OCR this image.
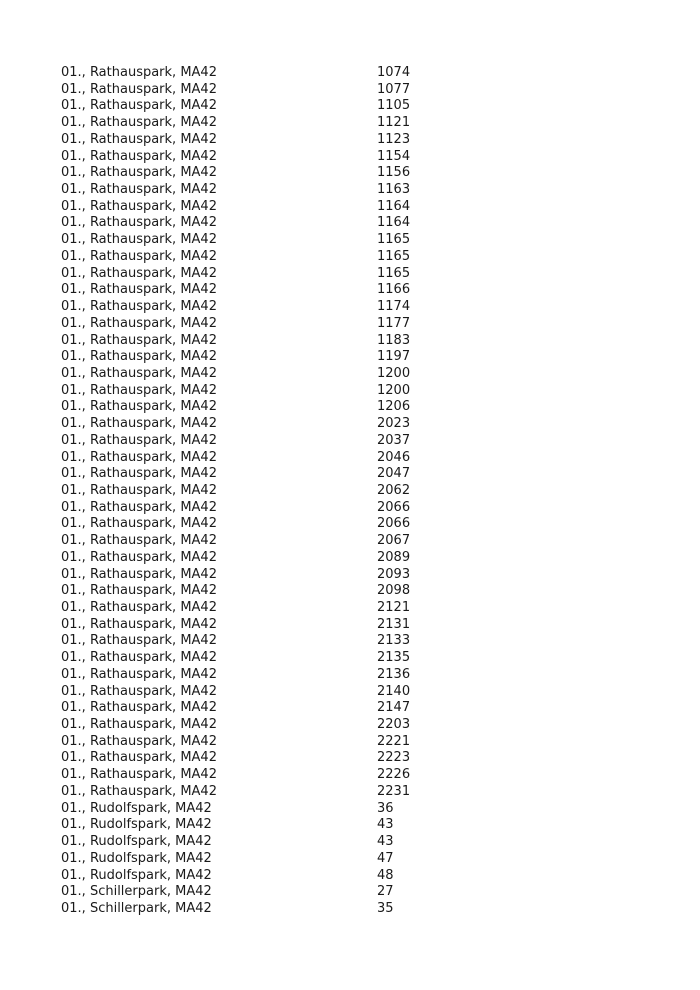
01., Rathauspark, MA42	1074
01., Rathauspark, MA42	1077
01., Rathauspark, MA42	1105
01., Rathauspark, MA42	1121
01., Rathauspark, MA42	1123
01., Rathauspark, MA42	1154
01., Rathauspark, MA42	1156
01., Rathauspark, MA42	1163
01., Rathauspark, MA42	1164
01., Rathauspark, MA42	1164
01., Rathauspark, MA42	1165
01., Rathauspark, MA42	1165
01., Rathauspark, MA42	1165
01., Rathauspark, MA42	1166
01., Rathauspark, MA42	1174
01., Rathauspark, MA42	1177
01., Rathauspark, MA42	1183
01., Rathauspark, MA42	1197
01., Rathauspark, MA42	1200
01., Rathauspark, MA42	1200
01., Rathauspark, MA42	1206
01., Rathauspark, MA42	2023
01., Rathauspark, MA42	2037
01., Rathauspark, MA42	2046
01., Rathauspark, MA42	2047
01., Rathauspark, MA42	2062
01., Rathauspark, MA42	2066
01., Rathauspark, MA42	2066
01., Rathauspark, MA42	2067
01., Rathauspark, MA42	2089
01., Rathauspark, MA42	2093
01., Rathauspark, MA42	2098
01., Rathauspark, MA42	2121
01., Rathauspark, MA42	2131
01., Rathauspark, MA42	2133
01., Rathauspark, MA42	2135
01., Rathauspark, MA42	2136
01., Rathauspark, MA42	2140
01., Rathauspark, MA42	2147
01., Rathauspark, MA42	2203
01., Rathauspark, MA42	2221
01., Rathauspark, MA42	2223
01., Rathauspark, MA42	2226
01., Rathauspark, MA42	2231
01., Rudolfspark, MA42	36
01., Rudolfspark, MA42	43
01., Rudolfspark, MA42	43
01., Rudolfspark, MA42	47
01., Rudolfspark, MA42	48
01., Schillerpark, MA42	27
01., Schillerpark, MA42	35
